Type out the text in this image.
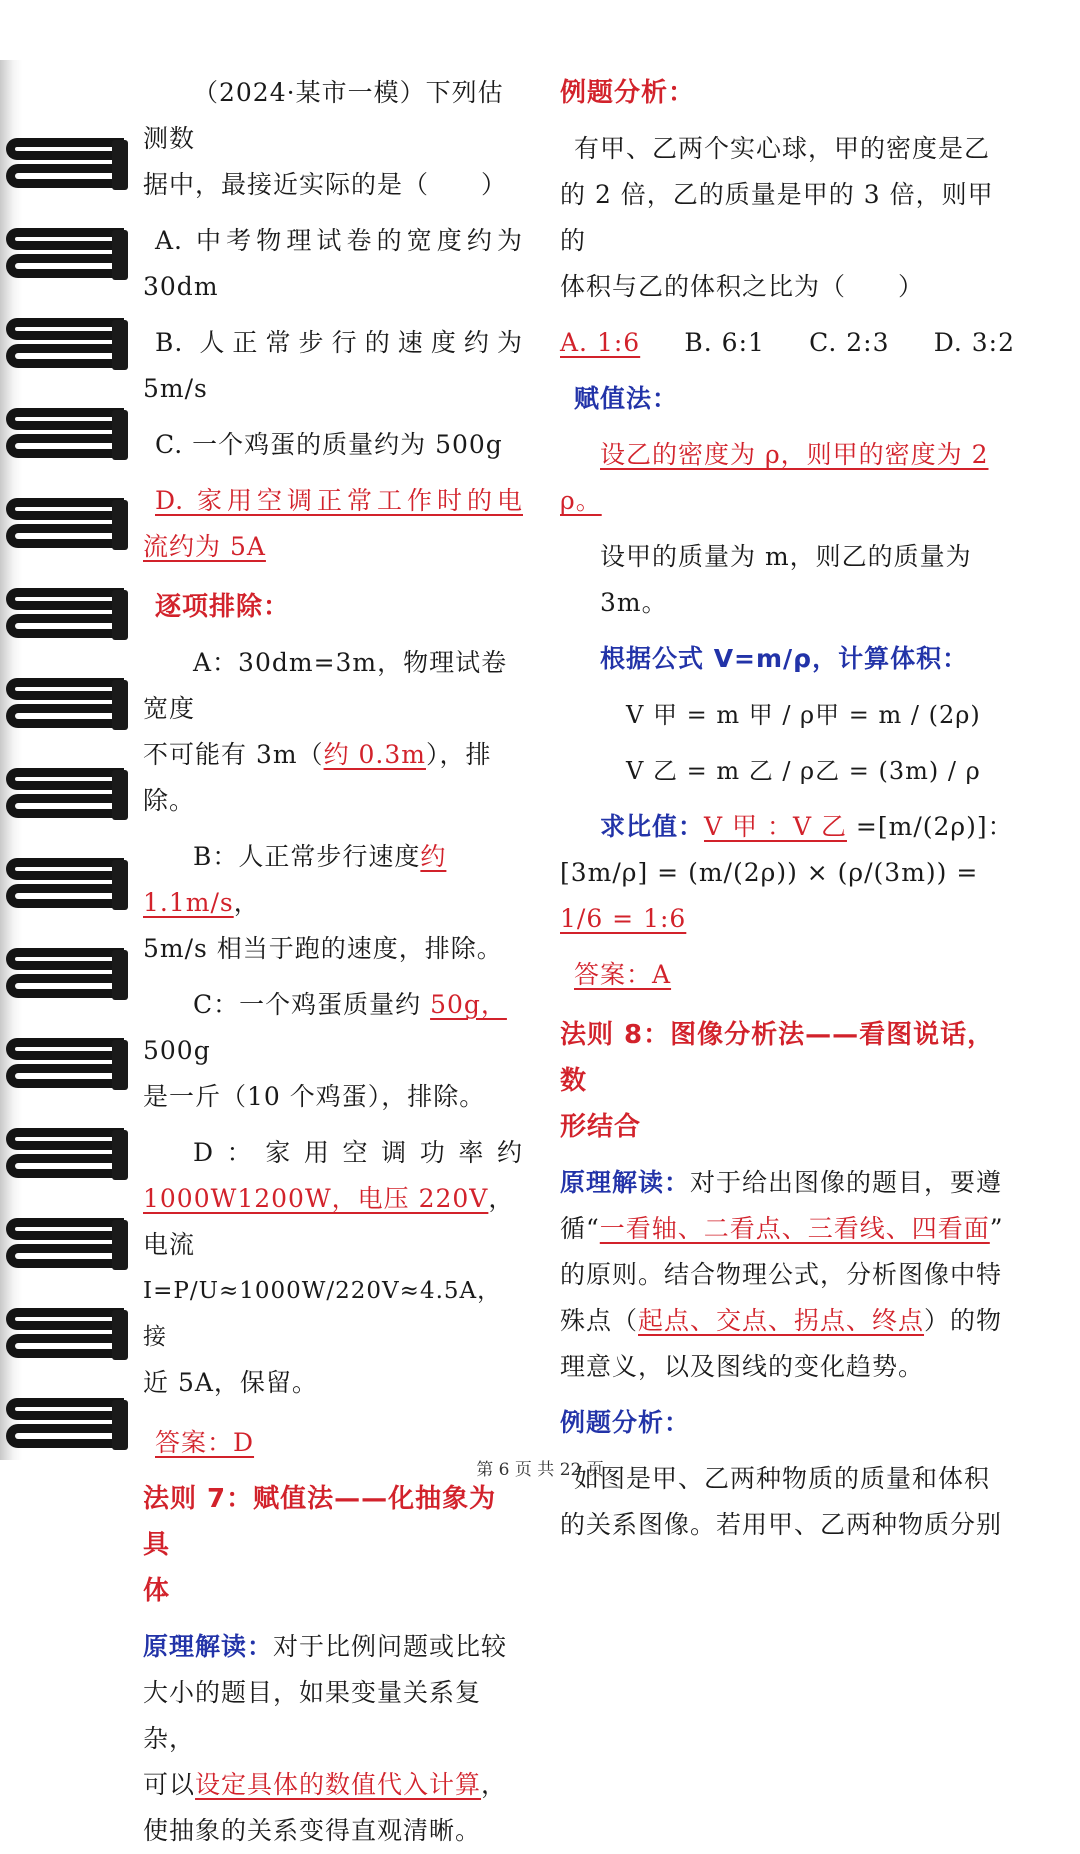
（2024·某市一模）下列估测数

据中，最接近实际的是（　　）

A. 中考物理试卷的宽度约为

30dm

B. 人正常步行的速度约为

5m/s

C. 一个鸡蛋的质量约为 500g

D. 家用空调正常工作时的电

流约为 5A

逐项排除：

A：30dm=3m，物理试卷宽度

不可能有 3m（约 0.3m），排除。

B：人正常步行速度约 1.1m/s，

5m/s 相当于跑的速度，排除。

C：一个鸡蛋质量约 50g，500g

是一斤（10 个鸡蛋），排除。

D：家用空调功率约

1000W1200W，电压 220V，电流

I=P/U≈1000W/220V≈4.5A，接

近 5A，保留。

答案：D

法则 7：赋值法——化抽象为具

体

原理解读：对于比例问题或比较

大小的题目，如果变量关系复杂，

可以设定具体的数值代入计算，

使抽象的关系变得直观清晰。

例题分析：

有甲、乙两个实心球，甲的密度是乙

的 2 倍，乙的质量是甲的 3 倍，则甲的

体积与乙的体积之比为（　　）

A. 1:6 B. 6:1 C. 2:3 D. 3:2

赋值法：

设乙的密度为 ρ，则甲的密度为 2

ρ。

设甲的质量为 m，则乙的质量为 3m。

根据公式 V=m/ρ，计算体积：

V 甲 = m 甲 / ρ甲 = m / (2ρ)

V 乙 = m 乙 / ρ乙 = (3m) / ρ

求比值：V 甲 ：V 乙 =[m/(2ρ)]：

[3m/ρ] = (m/(2ρ)) × (ρ/(3m)) =

1/6 = 1:6

答案：A

法则 8：图像分析法——看图说话，数

形结合

原理解读：对于给出图像的题目，要遵

循“一看轴、二看点、三看线、四看面”

的原则。结合物理公式，分析图像中特

殊点（起点、交点、拐点、终点）的物

理意义，以及图线的变化趋势。

例题分析：

如图是甲、乙两种物质的质量和体积

的关系图像。若用甲、乙两种物质分别

第 6 页 共 22 页
